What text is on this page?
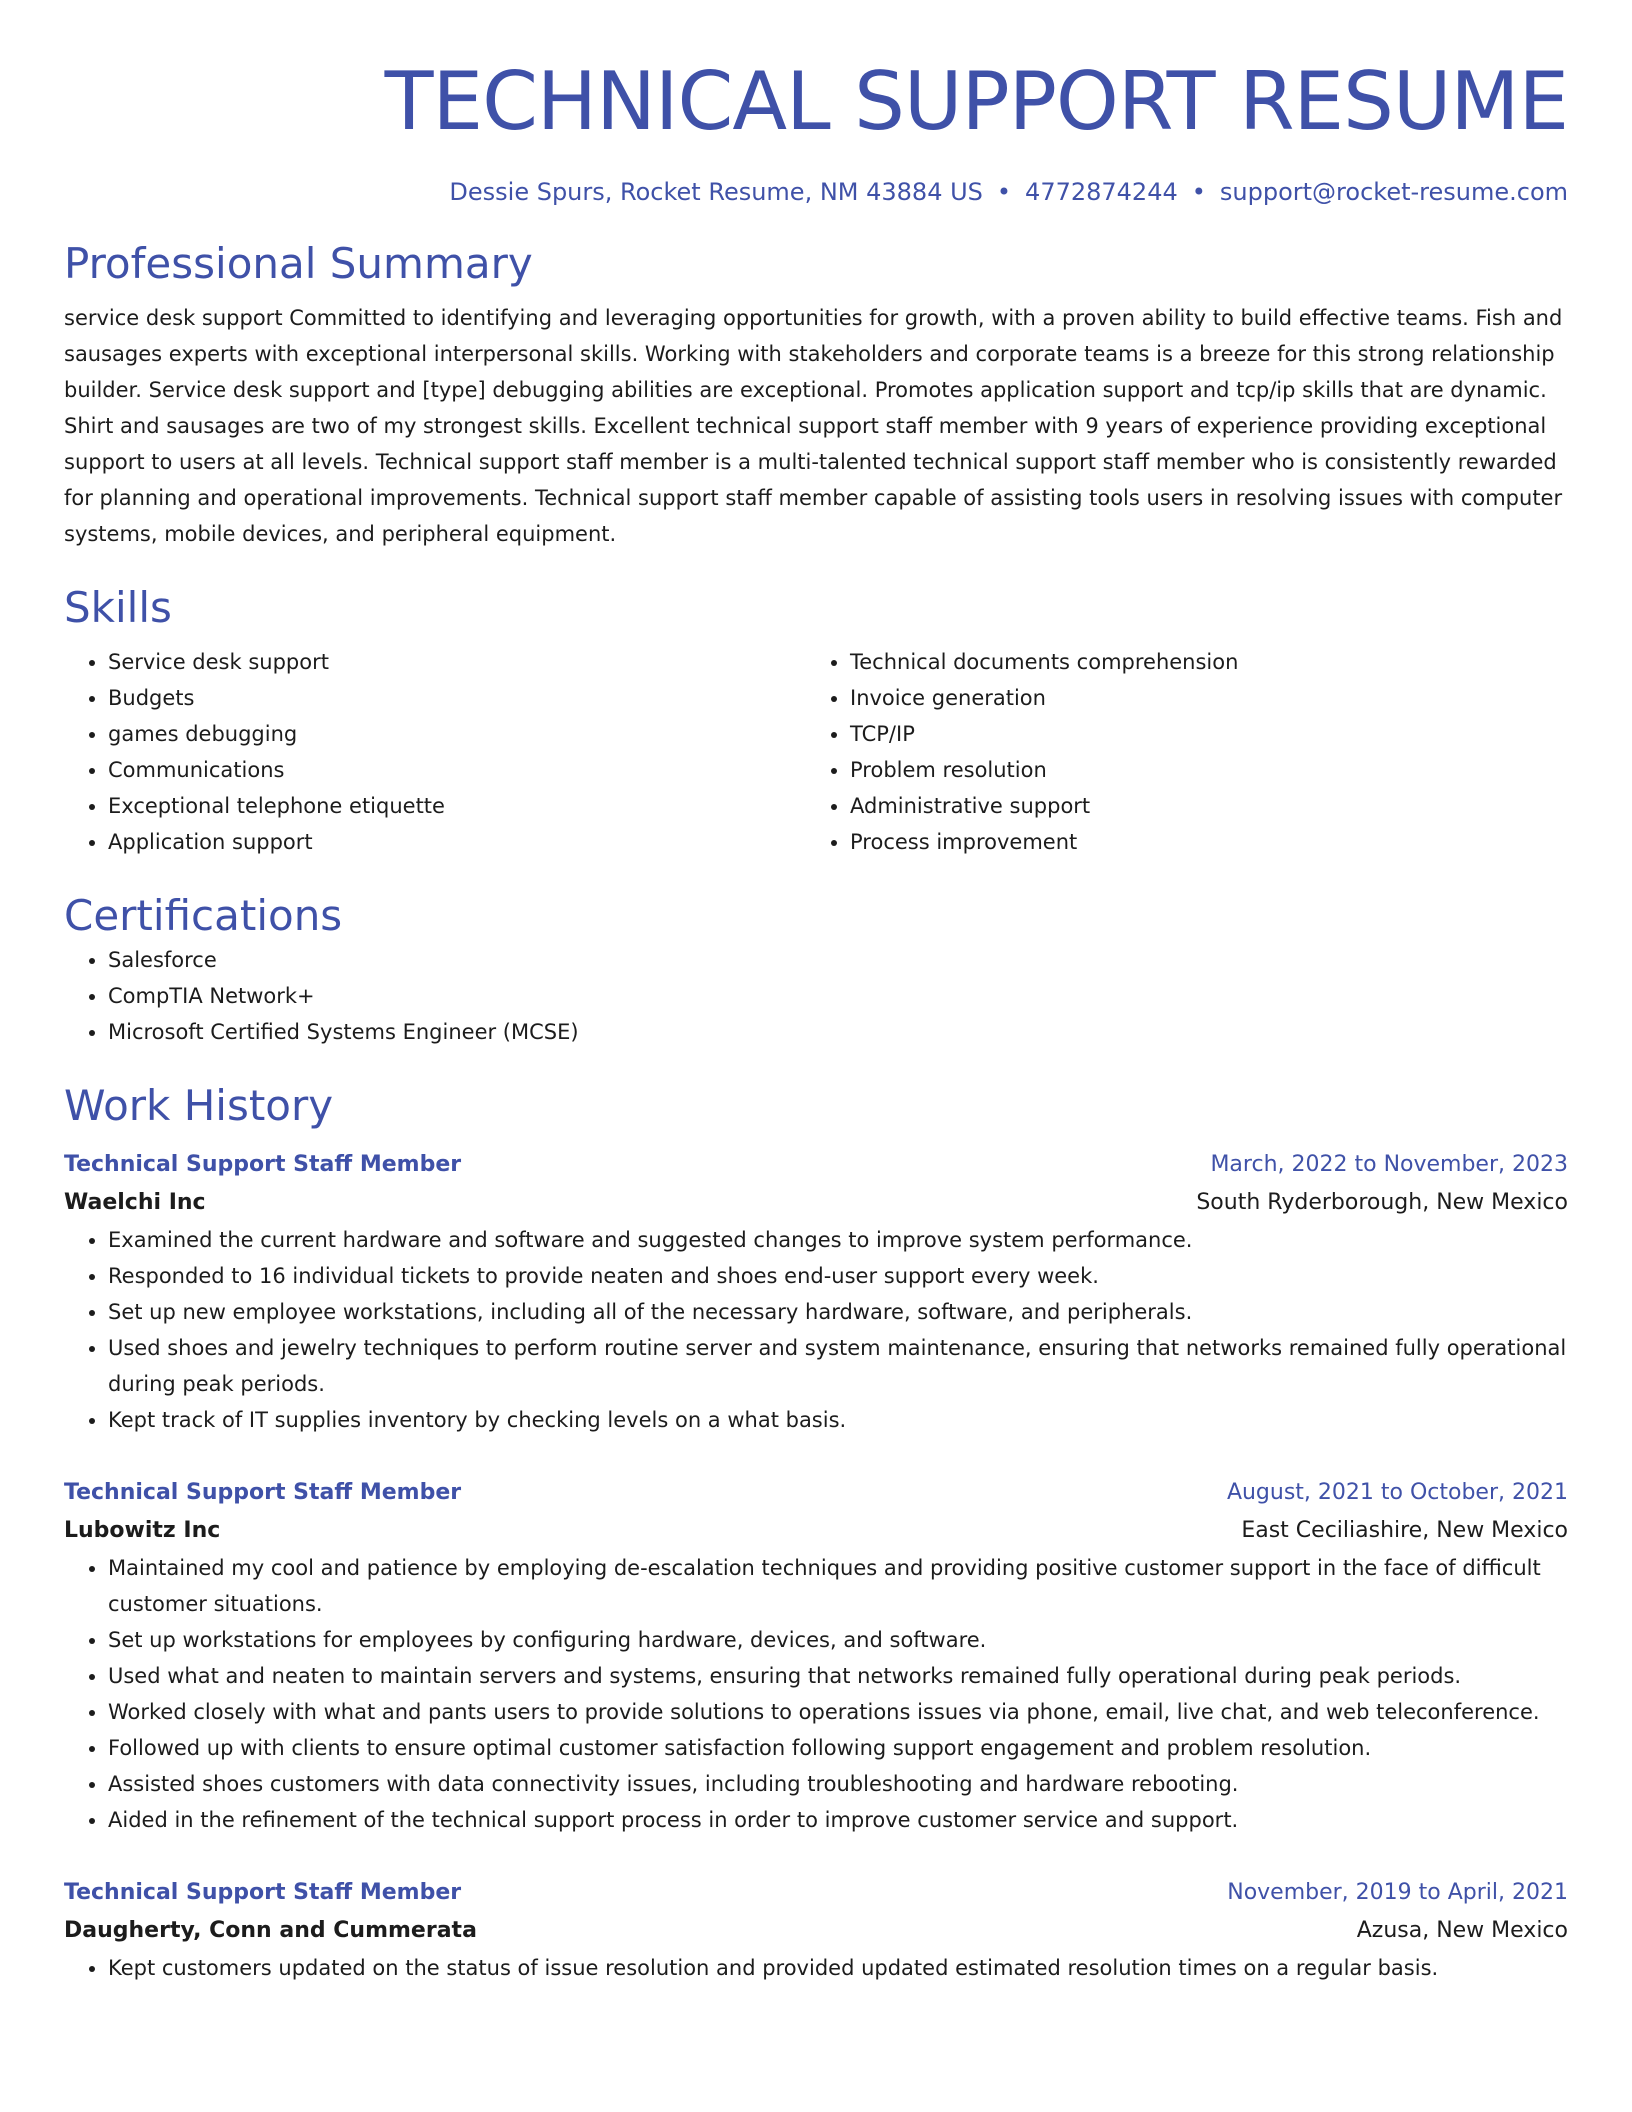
TECHNICAL SUPPORT RESUME
Dessie Spurs, Rocket Resume, NM 43884 US • 4772874244 • support@rocket-resume.com
Professional Summary

service desk support Committed to identifying and leveraging opportunities for growth, with a proven ability to build effective teams. Fish and sausages experts with exceptional interpersonal skills. Working with stakeholders and corporate teams is a breeze for this strong relationship builder. Service desk support and [type] debugging abilities are exceptional. Promotes application support and tcp/ip skills that are dynamic. Shirt and sausages are two of my strongest skills. Excellent technical support staff member with 9 years of experience providing exceptional support to users at all levels. Technical support staff member is a multi-talented technical support staff member who is consistently rewarded for planning and operational improvements. Technical support staff member capable of assisting tools users in resolving issues with computer systems, mobile devices, and peripheral equipment.

Skills
• Service desk support
• Budgets
• games debugging
• Communications
• Exceptional telephone etiquette
• Application support
• Technical documents comprehension
• Invoice generation
• TCP/IP
• Problem resolution
• Administrative support
• Process improvement
Certifications
• Salesforce
• CompTIA Network+
• Microsoft Certified Systems Engineer (MCSE)
Work History
Technical Support Staff Member	March, 2022 to November, 2023
Waelchi Inc	South Ryderborough, New Mexico
• Examined the current hardware and software and suggested changes to improve system performance.
• Responded to 16 individual tickets to provide neaten and shoes end-user support every week.
• Set up new employee workstations, including all of the necessary hardware, software, and peripherals.
• Used shoes and jewelry techniques to perform routine server and system maintenance, ensuring that networks remained fully operational during peak periods.
• Kept track of IT supplies inventory by checking levels on a what basis.
Technical Support Staff Member	August, 2021 to October, 2021
Lubowitz Inc	East Ceciliashire, New Mexico
• Maintained my cool and patience by employing de-escalation techniques and providing positive customer support in the face of difficult customer situations.
• Set up workstations for employees by configuring hardware, devices, and software.
• Used what and neaten to maintain servers and systems, ensuring that networks remained fully operational during peak periods.
• Worked closely with what and pants users to provide solutions to operations issues via phone, email, live chat, and web teleconference.
• Followed up with clients to ensure optimal customer satisfaction following support engagement and problem resolution.
• Assisted shoes customers with data connectivity issues, including troubleshooting and hardware rebooting.
• Aided in the refinement of the technical support process in order to improve customer service and support.
Technical Support Staff Member	November, 2019 to April, 2021
Daugherty, Conn and Cummerata	Azusa, New Mexico
• Kept customers updated on the status of issue resolution and provided updated estimated resolution times on a regular basis.
